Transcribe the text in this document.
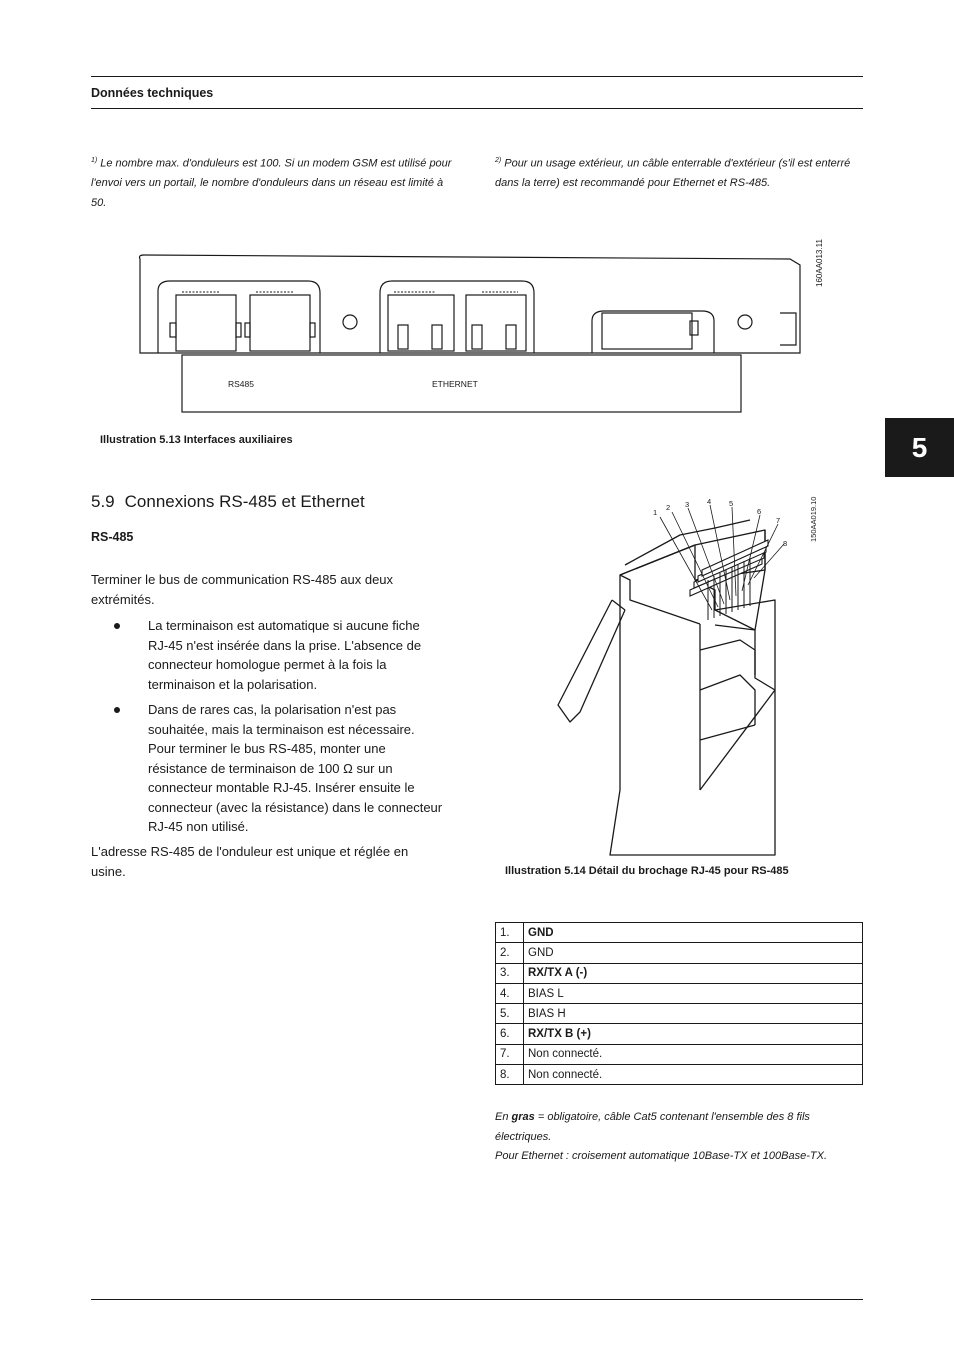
Données techniques
5
$^{1)}$ Le nombre max. d'onduleurs est 100. Si un modem GSM est utilisé pour l'envoi vers un portail, le nombre d'onduleurs dans un réseau est limité à 50.
$^{2)}$ Pour un usage extérieur, un câble enterrable d'extérieur (s'il est enterré dans la terre) est recommandé pour Ethernet et RS-485.
RS485	ETHERNET
160AA013.11
Illustration 5.13 Interfaces auxiliaires
5.9 Connexions RS-485 et Ethernet
RS-485
Terminer le bus de communication RS-485 aux deux extrémités.
La terminaison est automatique si aucune fiche RJ-45 n'est insérée dans la prise. L'absence de connecteur homologue permet à la fois la terminaison et la polarisation.
Dans de rares cas, la polarisation n'est pas souhaitée, mais la terminaison est nécessaire. Pour terminer le bus RS-485, monter une résistance de terminaison de 100 Ω sur un connecteur montable RJ-45. Insérer ensuite le connecteur (avec la résistance) dans le connecteur RJ-45 non utilisé.
L'adresse RS-485 de l'onduleur est unique et réglée en usine.
1
2 3 4 5
6
7
8
150AA019.10
Illustration 5.14 Détail du brochage RJ-45 pour RS-485
1.	GND
2.	GND
3.	RX/TX A (-)
4.	BIAS L
5.	BIAS H
6.	RX/TX B (+)
7.	Non connecté.
8.	Non connecté.
En gras = obligatoire, câble Cat5 contenant l'ensemble des 8 fils électriques.
Pour Ethernet : croisement automatique 10Base-TX et 100Base-TX.
